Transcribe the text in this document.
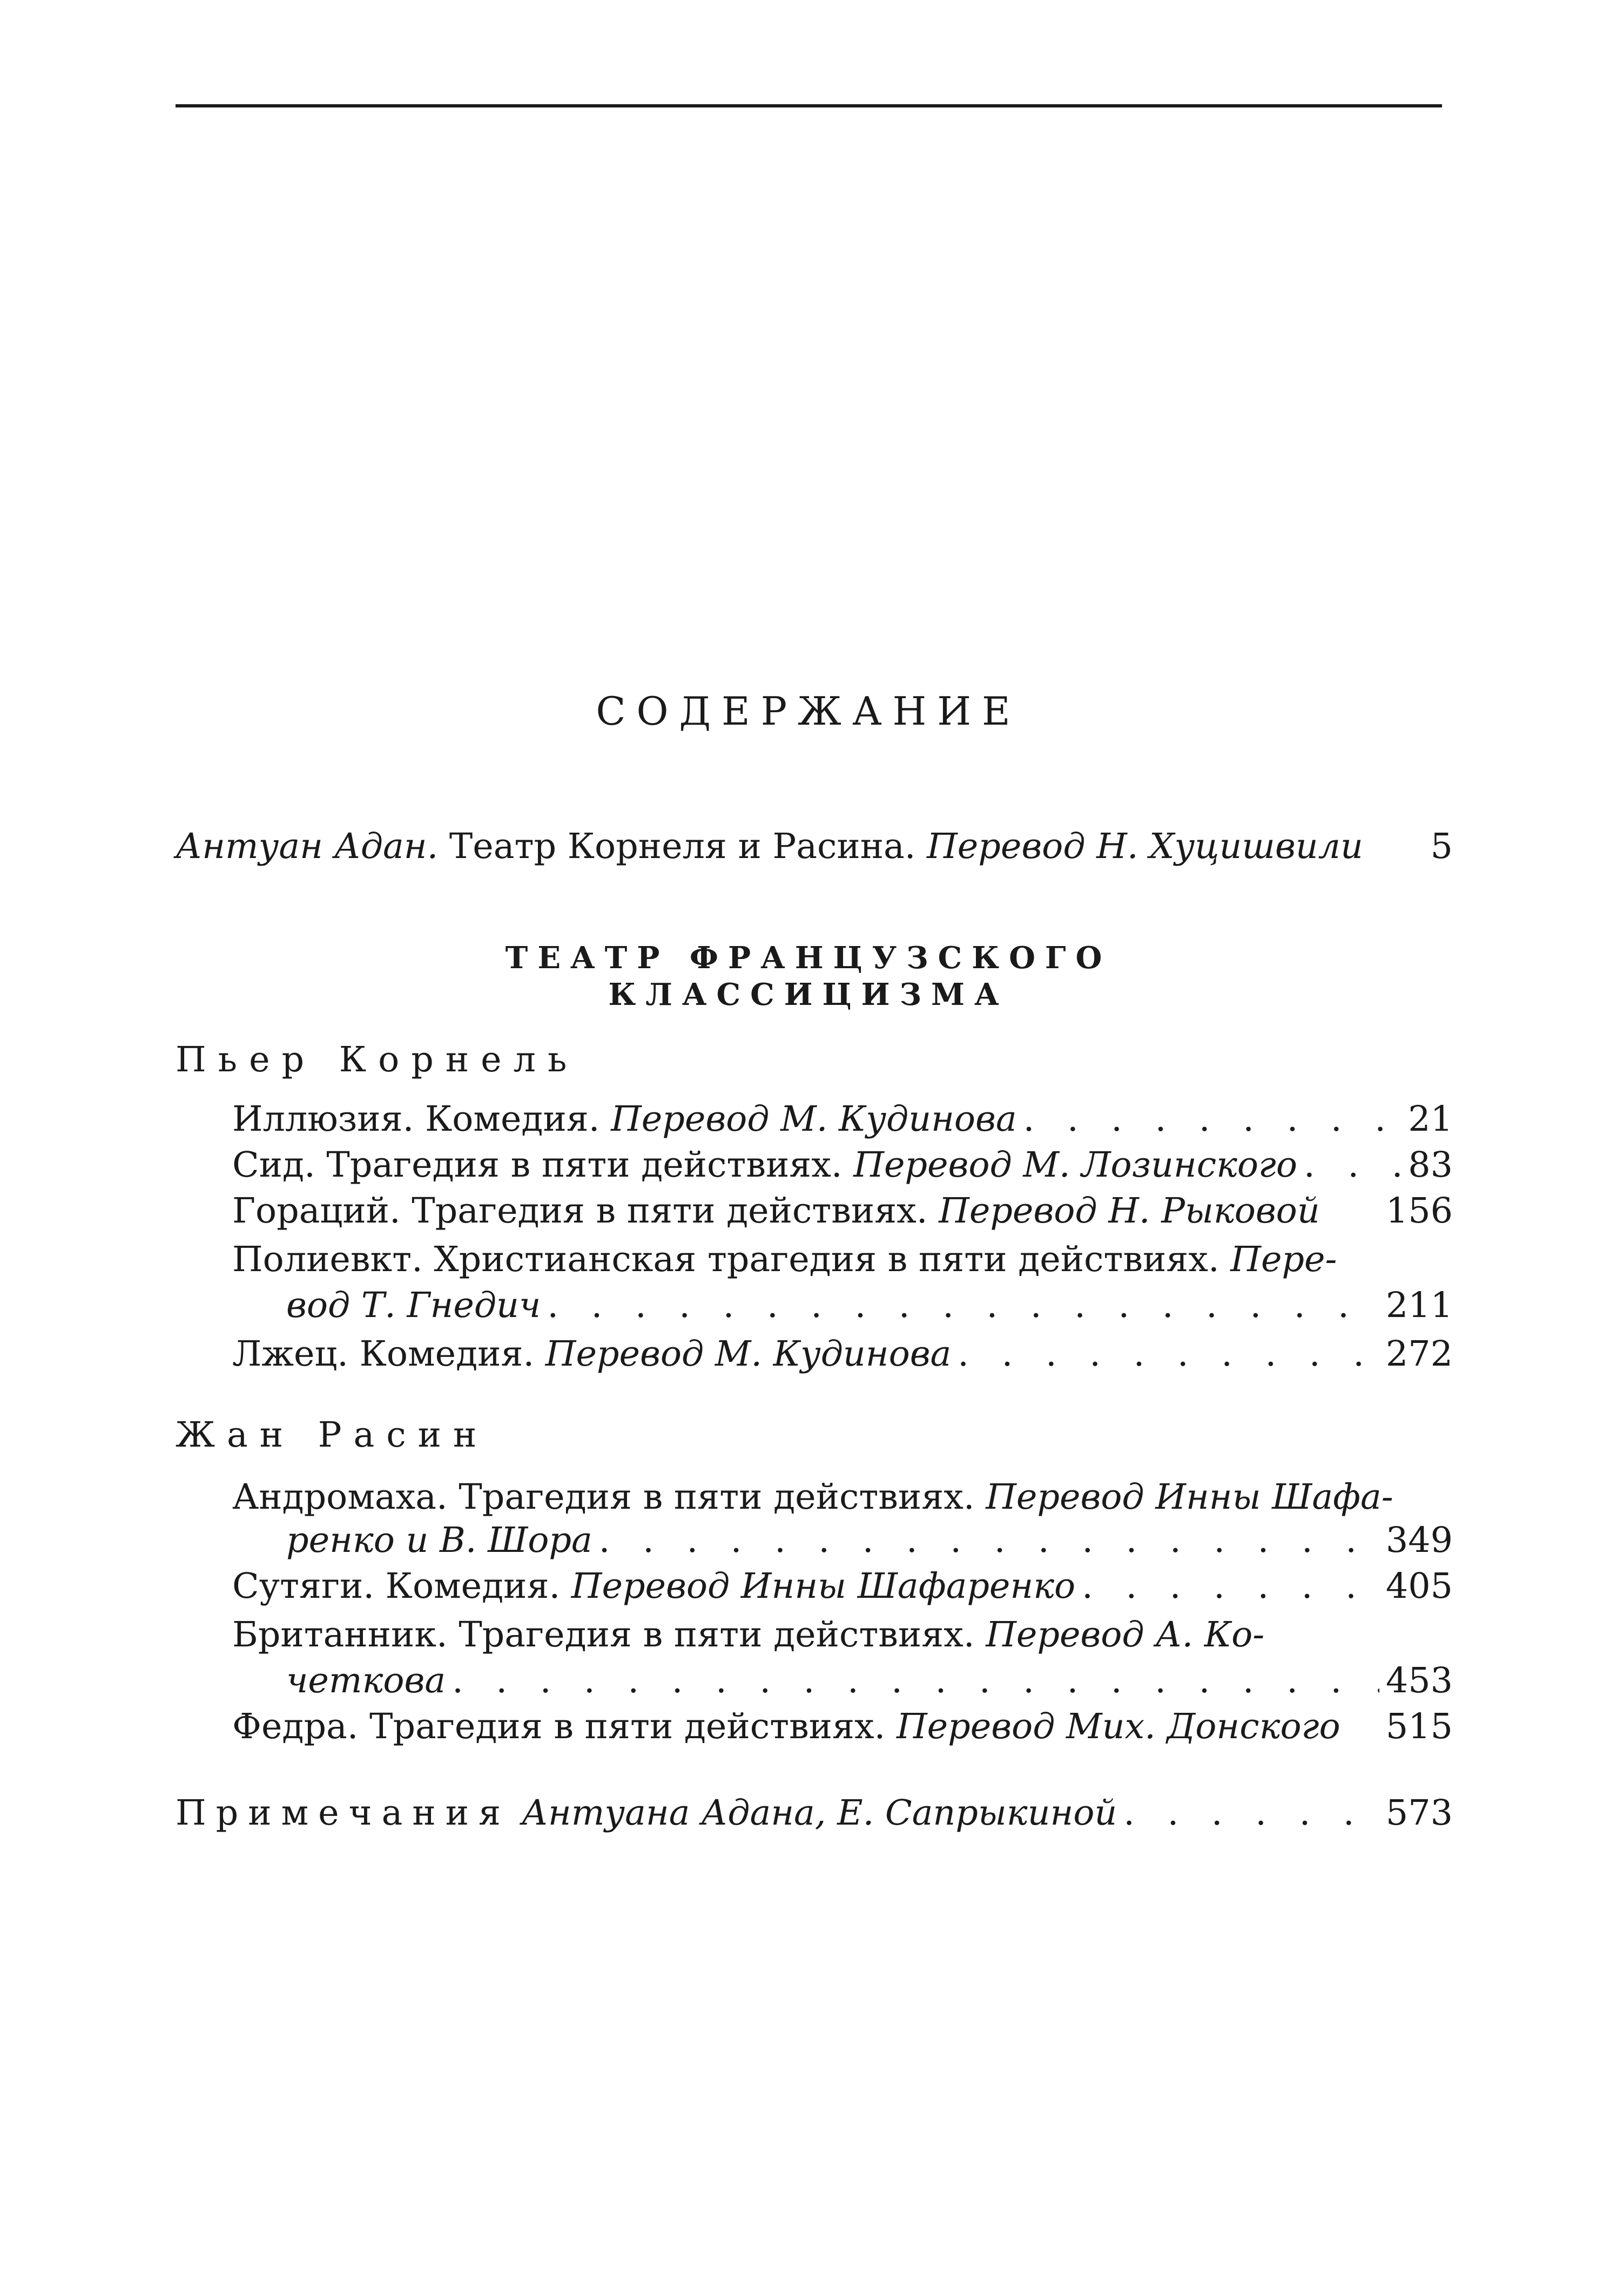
СОДЕРЖАНИЕ
Антуан Адан. Театр Корнеля и Расина. Перевод Н. Хуцишвили	5
ТЕАТР ФРАНЦУЗСКОГО
КЛАССИЦИЗМА
Пьер Корнель
Иллюзия. Комедия. Перевод М. Кудинова . . .	21
Сид. Трагедия в пяти действиях. Перевод М. Лозинского . . .	83
Гораций. Трагедия в пяти действиях. Перевод Н. Рыковой 156
Полиевкт. Христианская трагедия в пяти действиях. Пере-
вод Т. Гнедич . . .	211
Лжец. Комедия. Перевод М. Кудинова . . .	272
Жан Расин
Андромаха. Трагедия в пяти действиях. Перевод Инны Шафа-
ренко и В. Шора . . .	349
Сутяги. Комедия. Перевод Инны Шафаренко . . .	405
Британник. Трагедия в пяти действиях. Перевод А. Ко-
четкова . . .	453
Федра. Трагедия в пяти действиях. Перевод Мих. Донского 515
Примечания Антуана Адана, Е. Сапрыкиной . . .	573
